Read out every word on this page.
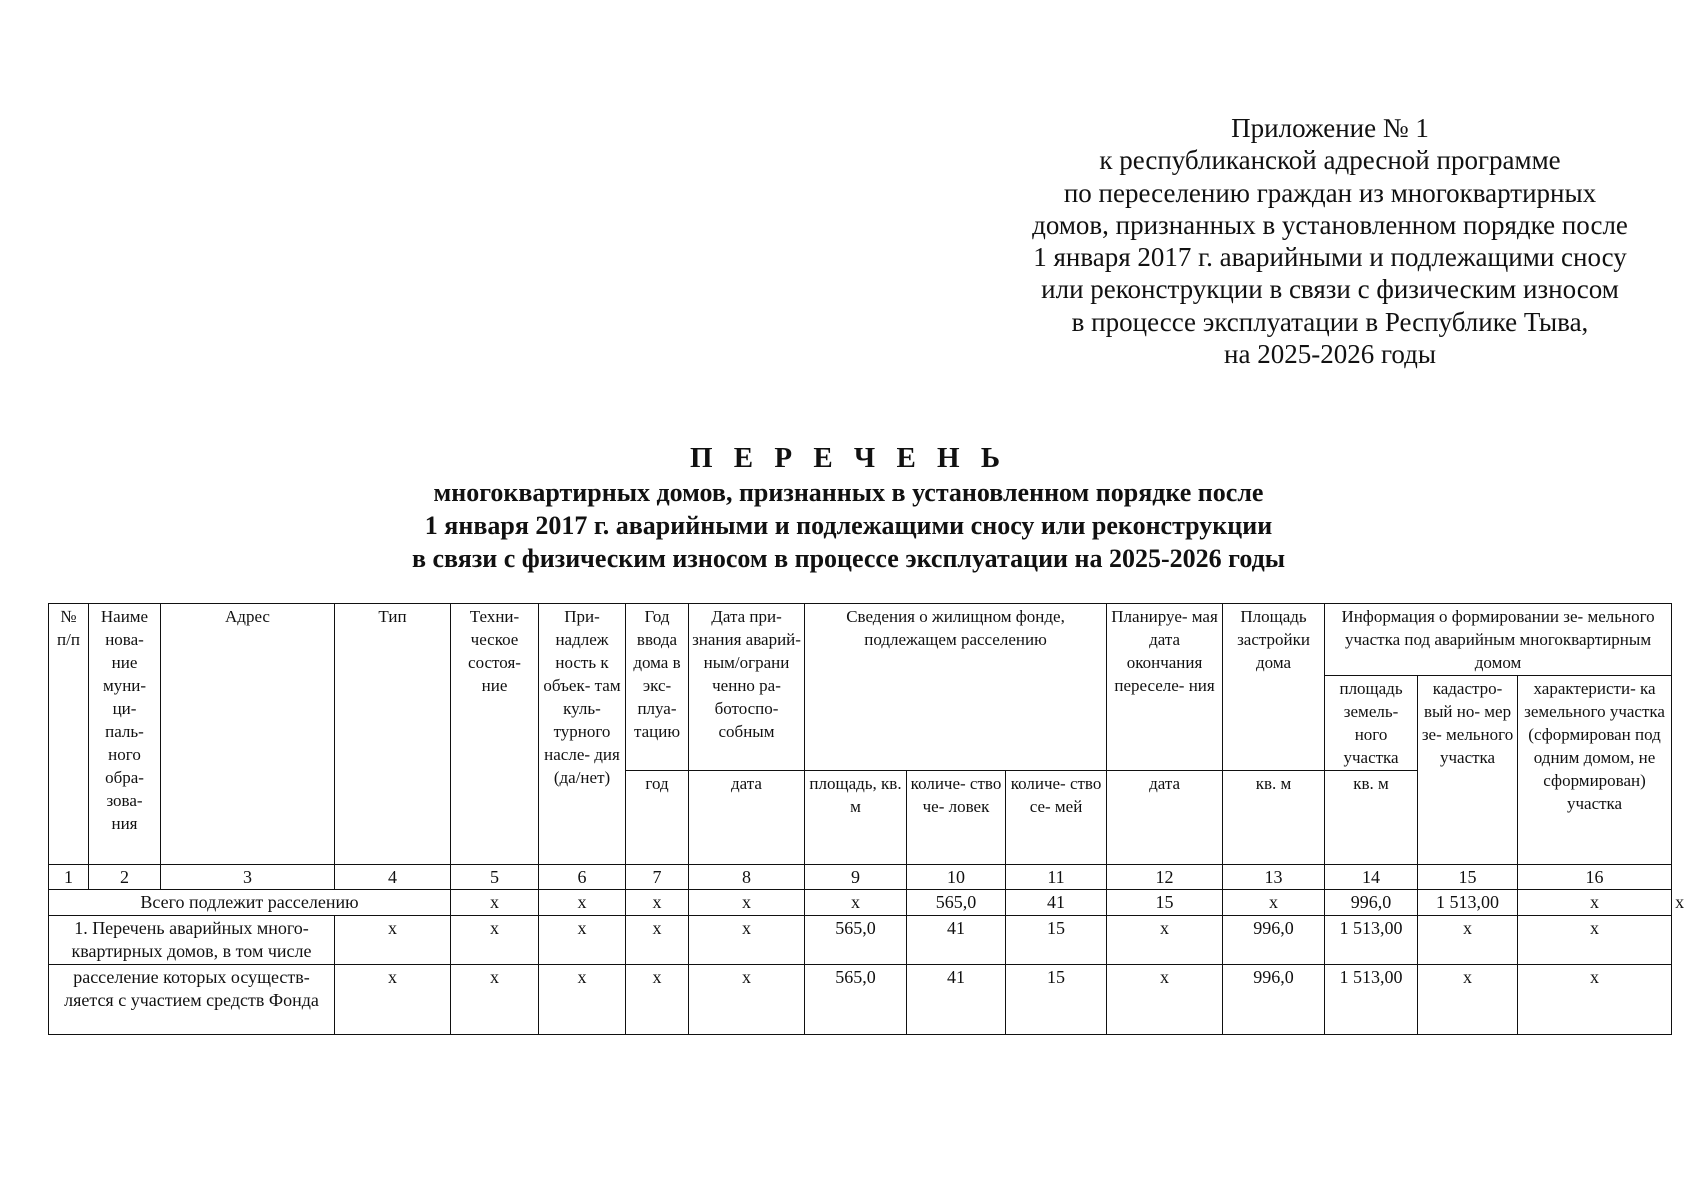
Приложение № 1
к республиканской адресной программе
по переселению граждан из многоквартирных
домов, признанных в установленном порядке после
1 января 2017 г. аварийными и подлежащими сносу
или реконструкции в связи с физическим износом
в процессе эксплуатации в Республике Тыва,
на 2025-2026 годы
П Е Р Е Ч Е Н Ь
многоквартирных домов, признанных в установленном порядке после
1 января 2017 г. аварийными и подлежащими сносу или реконструкции
в связи с физическим износом в процессе эксплуатации на 2025-2026 годы
№ п/п	Наиме нова- ние муни- ци- паль- ного обра- зова- ния	Адрес	Тип	Техни- ческое состоя- ние	При- надлеж ность к объек- там куль- турного насле- дия (да/нет)	Год ввода дома в экс- плуа- тацию	Дата при- знания аварий- ным/ограни ченно ра- ботоспо- собным	Сведения о жилищном фонде, подлежащем расселению			Планируе- мая дата окончания переселе- ния	Площадь застройки дома	Информация о формировании зе- мельного участка под аварийным многоквартирным домом			
													площадь земель- ного участка	кадастро- вый но- мер зе- мельного участка	характеристи- ка земельного участка (сформирован под одним домом, не сформирован) участка	
						год	дата	площадь, кв. м	количе- ство че- ловек	количе- ство се- мей	дата	кв. м	кв. м			
1	2	3	4	5	6	7	8	9	10	11	12	13	14	15	16	
Всего подлежит расселению				х	х	х	х	х	565,0	41	15	х	996,0	1 513,00	х	х
1. Перечень аварийных много- квартирных домов, в том числе			х	х	х	х	х	565,0	41	15	х	996,0	1 513,00	х	х	
расселение которых осуществ- ляется с участием средств Фонда			х	х	х	х	х	565,0	41	15	х	996,0	1 513,00	х	х	
